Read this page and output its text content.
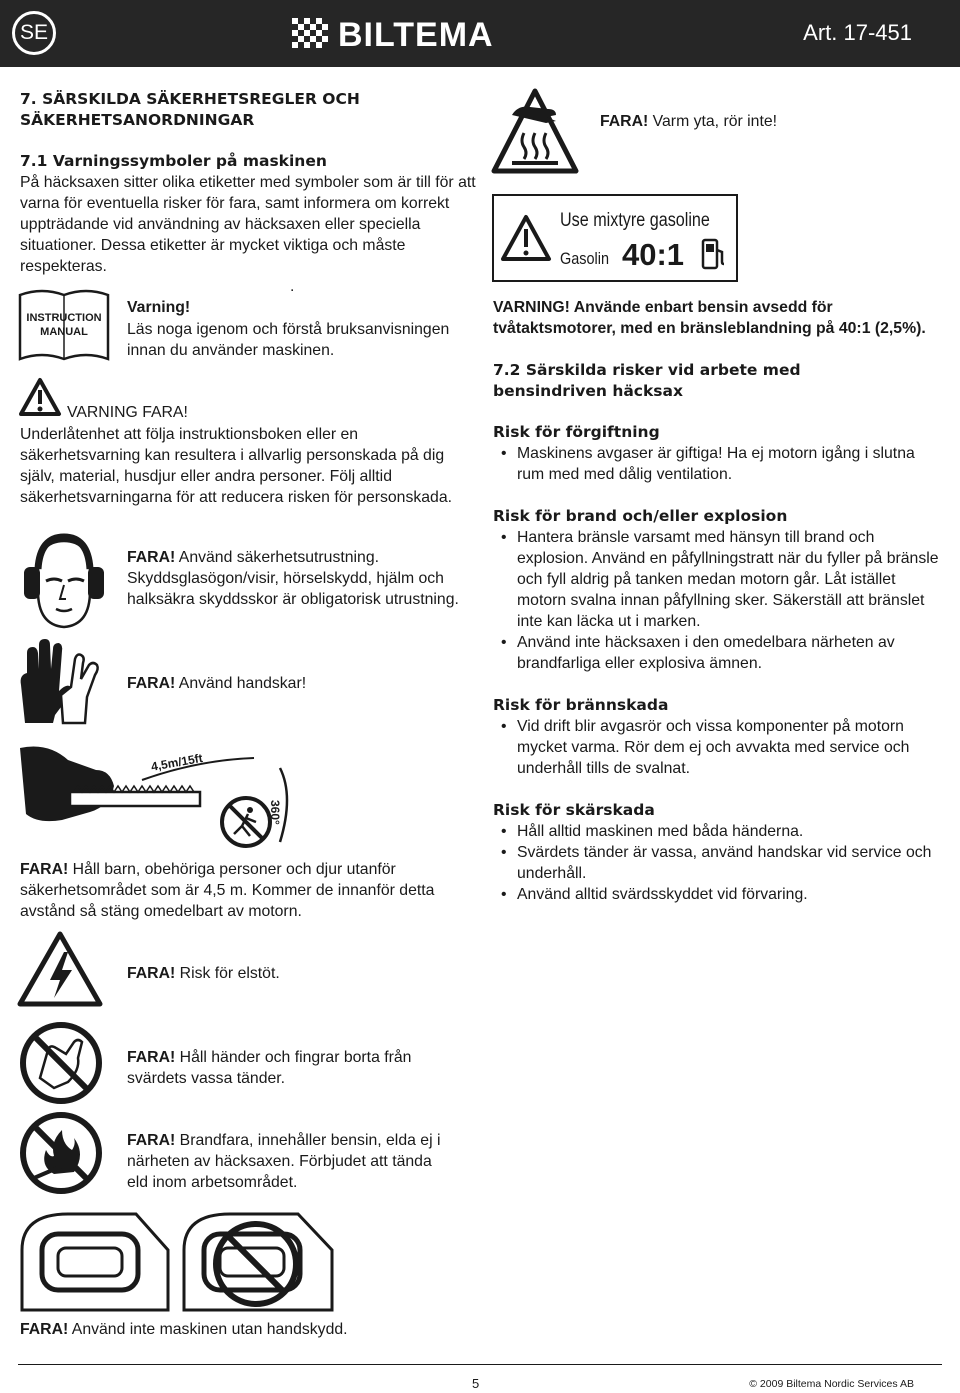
SE	BILTEMA	Art. 17-451
7. SÄRSKILDA SÄKERHETSREGLER OCH SÄKERHETSANORDNINGAR
7.1 Varningssymboler på maskinen
På häcksaxen sitter olika etiketter med symboler som är till för att varna för eventuella risker för fara, samt informera om korrekt uppträdande vid användning av häcksaxen eller speciella situationer. Dessa etiketter är mycket viktiga och måste respekteras.
.
INSTRUCTION
MANUAL
Varning!
Läs noga igenom och förstå bruksanvisningen innan du använder maskinen.
VARNING FARA!
Underlåtenhet att följa instruktionsboken eller en säkerhetsvarning kan resultera i allvarlig personskada på dig själv, material, husdjur eller andra personer. Följ alltid säkerhetsvarningarna för att reducera risken för personskada.
FARA! Använd säkerhetsutrustning. Skyddsglasögon/visir, hörselskydd, hjälm och halksäkra skyddsskor är obligatorisk utrustning.
FARA! Använd handskar!
4,5m/15ft
360°
FARA! Håll barn, obehöriga personer och djur utanför säkerhetsområdet som är 4,5 m. Kommer de innanför detta avstånd så stäng omedelbart av motorn.
FARA! Risk för elstöt.
FARA! Håll händer och fingrar borta från svärdets vassa tänder.
FARA! Brandfara, innehåller bensin, elda ej i närheten av häcksaxen. Förbjudet att tända eld inom arbetsområdet.
FARA! Använd inte maskinen utan handskydd.
FARA! Varm yta, rör inte!
Use mixtyre gasoline
Gasolin 40:1
VARNING! Använde enbart bensin avsedd för tvåtaktsmotorer, med en bränsleblandning på 40:1 (2,5%).
7.2 Särskilda risker vid arbete med bensindriven häcksax
Risk för förgiftning
• Maskinens avgaser är giftiga! Ha ej motorn igång i slutna rum med med dålig ventilation.
Risk för brand och/eller explosion
• Hantera bränsle varsamt med hänsyn till brand och explosion. Använd en påfyllningstratt när du fyller på bränsle och fyll aldrig på tanken medan motorn går. Låt istället motorn svalna innan påfyllning sker. Säkerställ att bränslet inte kan läcka ut i marken.
• Använd inte häcksaxen i den omedelbara närheten av brandfarliga eller explosiva ämnen.
Risk för brännskada
• Vid drift blir avgasrör och vissa komponenter på motorn mycket varma. Rör dem ej och avvakta med service och underhåll tills de svalnat.
Risk för skärskada
• Håll alltid maskinen med båda händerna.
• Svärdets tänder är vassa, använd handskar vid service och underhåll.
• Använd alltid svärdsskyddet vid förvaring.
5	© 2009 Biltema Nordic Services AB
